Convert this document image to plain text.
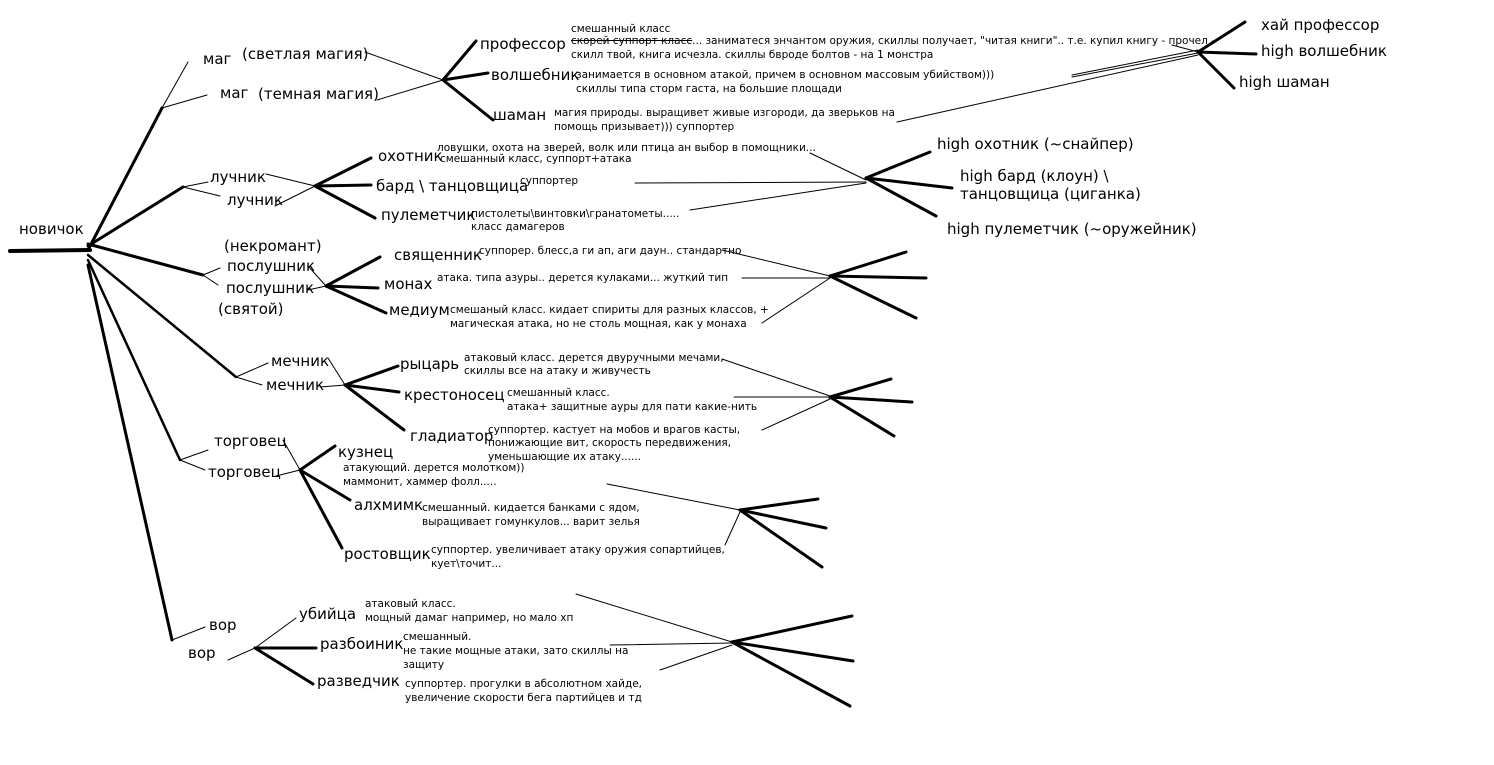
новичок
маг (светлая магия)
маг (темная магия)
профессор
волшебник
шаман
смешанный класс
скорей суппорт класс... заниматеся энчантом оружия, скиллы получает, "читая книги".. т.е. купил книгу - прочел -
скилл твой, книга исчезла. скиллы бвроде болтов - на 1 монстра
занимается в основном атакой, причем в основном массовым убийством)))
скиллы типа сторм гаста, на большие площади
магия природы. выращивет живые изгороди, да зверьков на
помощь призывает))) суппортер
хай профессор
high волшебник
high шаман
лучник
лучник
охотник
бард \ танцовщица
пулеметчик
ловушки, охота на зверей, волк или птица ан выбор в помощники...
смешанный класс, суппорт+атака
суппортер
пистолеты\винтовки\гранатометы.....
класс дамагеров
high охотник (~снайпер)
high бард (клоун) \
танцовщица (циганка)
high пулеметчик (~оружейник)
(некромант)
послушник
послушник
(святой)
священник
монах
медиум
суппорер. блесс,а ги ап, аги даун.. стандартно
атака. типа азуры.. дерется кулаками... жуткий тип
смешаный класс. кидает спириты для разных классов, +
магическая атака, но не столь мощная, как у монаха
мечник
мечник
рыцарь
крестоносец
гладиатор
атаковый класс. дерется двуручными мечами,
скиллы все на атаку и живучесть
смешанный класс.
атака+ защитные ауры для пати какие-нить
суппортер. кастует на мобов и врагов касты,
понижающие вит, скорость передвижения,
уменьшающие их атаку......
торговец
торговец
кузнец
алхмимк
ростовщик
атакующий. дерется молотком))
маммонит, хаммер фолл.....
смешанный. кидается банками с ядом,
выращивает гомункулов... варит зелья
суппортер. увеличивает атаку оружия сопартийцев,
кует\точит...
вор
вор
убийца
разбоиник
разведчик
атаковый класс.
мощный дамаг например, но мало хп
смешанный.
не такие мощные атаки, зато скиллы на
защиту
суппортер. прогулки в абсолютном хайде,
увеличение скорости бега партийцев и тд
